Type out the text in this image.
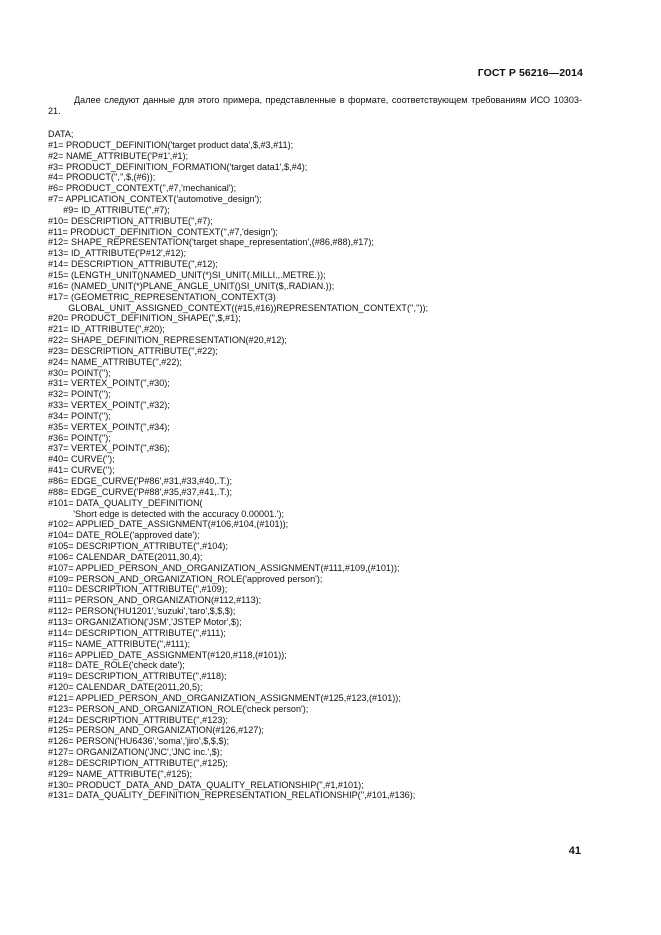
ГОСТ Р 56216—2014
Далее следуют данные для этого примера, представленные в формате, соответствующем требованиям ИСО 10303-21.
DATA;
#1= PRODUCT_DEFINITION('target product data',$,#3,#11);
#2= NAME_ATTRIBUTE('P#1',#1);
#3= PRODUCT_DEFINITION_FORMATION('target data1',$,#4);
#4= PRODUCT('','',$,(#6));
#6= PRODUCT_CONTEXT('',#7,'mechanical');
#7= APPLICATION_CONTEXT('automotive_design');
#9= ID_ATTRIBUTE('',#7);
#10= DESCRIPTION_ATTRIBUTE('',#7);
#11= PRODUCT_DEFINITION_CONTEXT('',#7,'design');
#12= SHAPE_REPRESENTATION('target shape_representation',(#86,#88),#17);
#13= ID_ATTRIBUTE('P#12',#12);
#14= DESCRIPTION_ATTRIBUTE('',#12);
#15= (LENGTH_UNIT()NAMED_UNIT(*)SI_UNIT(.MILLI.,.METRE.));
#16= (NAMED_UNIT(*)PLANE_ANGLE_UNIT()SI_UNIT($,.RADIAN.));
#17= (GEOMETRIC_REPRESENTATION_CONTEXT(3)
GLOBAL_UNIT_ASSIGNED_CONTEXT((#15,#16))REPRESENTATION_CONTEXT('',''));
#20= PRODUCT_DEFINITION_SHAPE('',$,#1);
#21= ID_ATTRIBUTE('',#20);
#22= SHAPE_DEFINITION_REPRESENTATION(#20,#12);
#23= DESCRIPTION_ATTRIBUTE('',#22);
#24= NAME_ATTRIBUTE('',#22);
#30= POINT('');
#31= VERTEX_POINT('',#30);
#32= POINT('');
#33= VERTEX_POINT('',#32);
#34= POINT('');
#35= VERTEX_POINT('',#34);
#36= POINT('');
#37= VERTEX_POINT('',#36);
#40= CURVE('');
#41= CURVE('');
#86= EDGE_CURVE('P#86',#31,#33,#40,.T.);
#88= EDGE_CURVE('P#88',#35,#37,#41,.T.);
#101= DATA_QUALITY_DEFINITION(
'Short edge is detected with the accuracy 0.00001.');
#102= APPLIED_DATE_ASSIGNMENT(#106,#104,(#101));
#104= DATE_ROLE('approved date');
#105= DESCRIPTION_ATTRIBUTE('',#104);
#106= CALENDAR_DATE(2011,30,4);
#107= APPLIED_PERSON_AND_ORGANIZATION_ASSIGNMENT(#111,#109,(#101));
#109= PERSON_AND_ORGANIZATION_ROLE('approved person');
#110= DESCRIPTION_ATTRIBUTE('',#109);
#111= PERSON_AND_ORGANIZATION(#112,#113);
#112= PERSON('HU1201','suzuki','taro',$,$,$);
#113= ORGANIZATION('JSM','JSTEP Motor',$);
#114= DESCRIPTION_ATTRIBUTE('',#111);
#115= NAME_ATTRIBUTE('',#111);
#116= APPLIED_DATE_ASSIGNMENT(#120,#118,(#101));
#118= DATE_ROLE('check date');
#119= DESCRIPTION_ATTRIBUTE('',#118);
#120= CALENDAR_DATE(2011,20,5);
#121= APPLIED_PERSON_AND_ORGANIZATION_ASSIGNMENT(#125,#123,(#101));
#123= PERSON_AND_ORGANIZATION_ROLE('check person');
#124= DESCRIPTION_ATTRIBUTE('',#123);
#125= PERSON_AND_ORGANIZATION(#126,#127);
#126= PERSON('HU6436','soma','jiro',$,$,$);
#127= ORGANIZATION('JNC','JNC inc.',$);
#128= DESCRIPTION_ATTRIBUTE('',#125);
#129= NAME_ATTRIBUTE('',#125);
#130= PRODUCT_DATA_AND_DATA_QUALITY_RELATIONSHIP('',#1,#101);
#131= DATA_QUALITY_DEFINITION_REPRESENTATION_RELATIONSHIP('',#101,#136);
41
